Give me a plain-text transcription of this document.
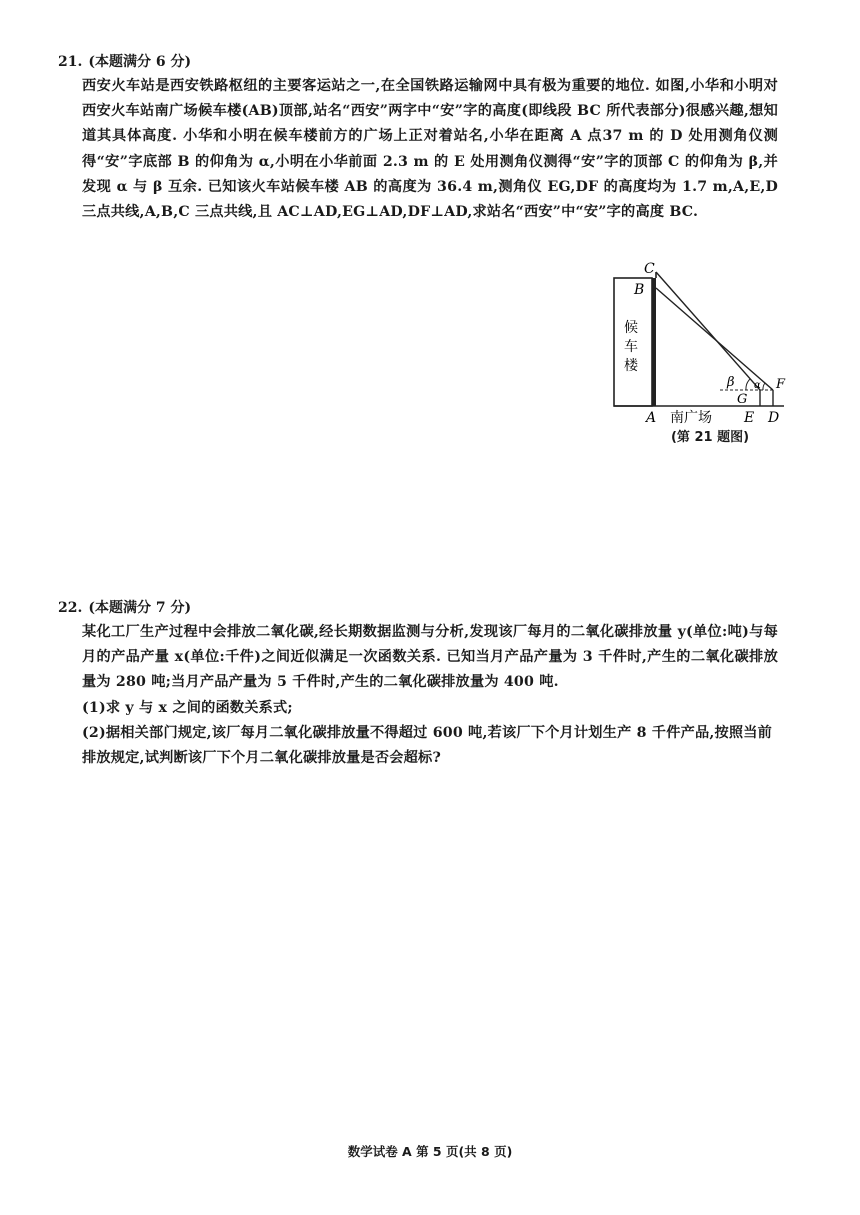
21. (本题满分 6 分)

西安火车站是西安铁路枢纽的主要客运站之一,在全国铁路运输网中具有极为重要的地位. 如图,小华和小明对西安火车站南广场候车楼(AB)顶部,站名“西安”两字中“安”字的高度(即线段 BC 所代表部分)很感兴趣,想知道其具体高度. 小华和小明在候车楼前方的广场上正对着站名,小华在距离 A 点37 m 的 D 处用测角仪测得“安”字底部 B 的仰角为 α,小明在小华前面 2.3 m 的 E 处用测角仪测得“安”字的顶部 C 的仰角为 β,并发现 α 与 β 互余. 已知该火车站候车楼 AB 的高度为 36.4 m,测角仪 EG,DF 的高度均为 1.7 m,A,E,D 三点共线,A,B,C 三点共线,且 AC⊥AD,EG⊥AD,DF⊥AD,求站名“西安”中“安”字的高度 BC.

C
B
A	E D
F
G
β α
候
车
楼
南广场
(第 21 题图)
22. (本题满分 7 分)

某化工厂生产过程中会排放二氧化碳,经长期数据监测与分析,发现该厂每月的二氧化碳排放量 y(单位:吨)与每月的产品产量 x(单位:千件)之间近似满足一次函数关系. 已知当月产品产量为 3 千件时,产生的二氧化碳排放量为 280 吨;当月产品产量为 5 千件时,产生的二氧化碳排放量为 400 吨.

(1)求 y 与 x 之间的函数关系式;

(2)据相关部门规定,该厂每月二氧化碳排放量不得超过 600 吨,若该厂下个月计划生产 8 千件产品,按照当前排放规定,试判断该厂下个月二氧化碳排放量是否会超标?

数学试卷 A 第 5 页(共 8 页)
